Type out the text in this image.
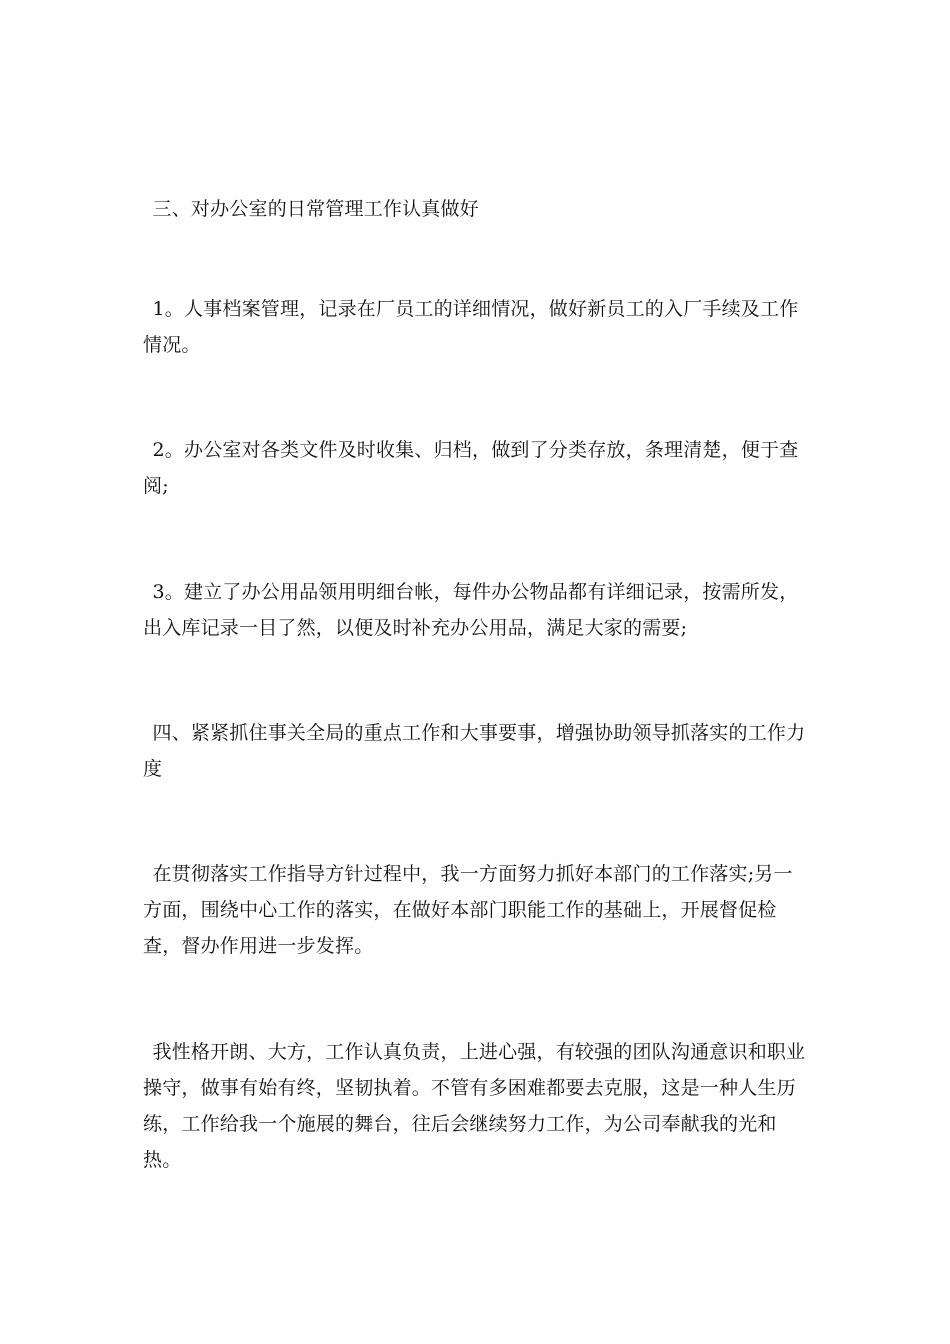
三、对办公室的日常管理工作认真做好

1。人事档案管理，记录在厂员工的详细情况，做好新员工的入厂手续及工作情况。

2。办公室对各类文件及时收集、归档，做到了分类存放，条理清楚，便于查阅;

3。建立了办公用品领用明细台帐，每件办公物品都有详细记录，按需所发，出入库记录一目了然，以便及时补充办公用品，满足大家的需要;

四、紧紧抓住事关全局的重点工作和大事要事，增强协助领导抓落实的工作力度

在贯彻落实工作指导方针过程中，我一方面努力抓好本部门的工作落实;另一方面，围绕中心工作的落实，在做好本部门职能工作的基础上，开展督促检查，督办作用进一步发挥。

我性格开朗、大方，工作认真负责，上进心强，有较强的团队沟通意识和职业操守，做事有始有终，坚韧执着。不管有多困难都要去克服，这是一种人生历练，工作给我一个施展的舞台，往后会继续努力工作，为公司奉献我的光和热。
